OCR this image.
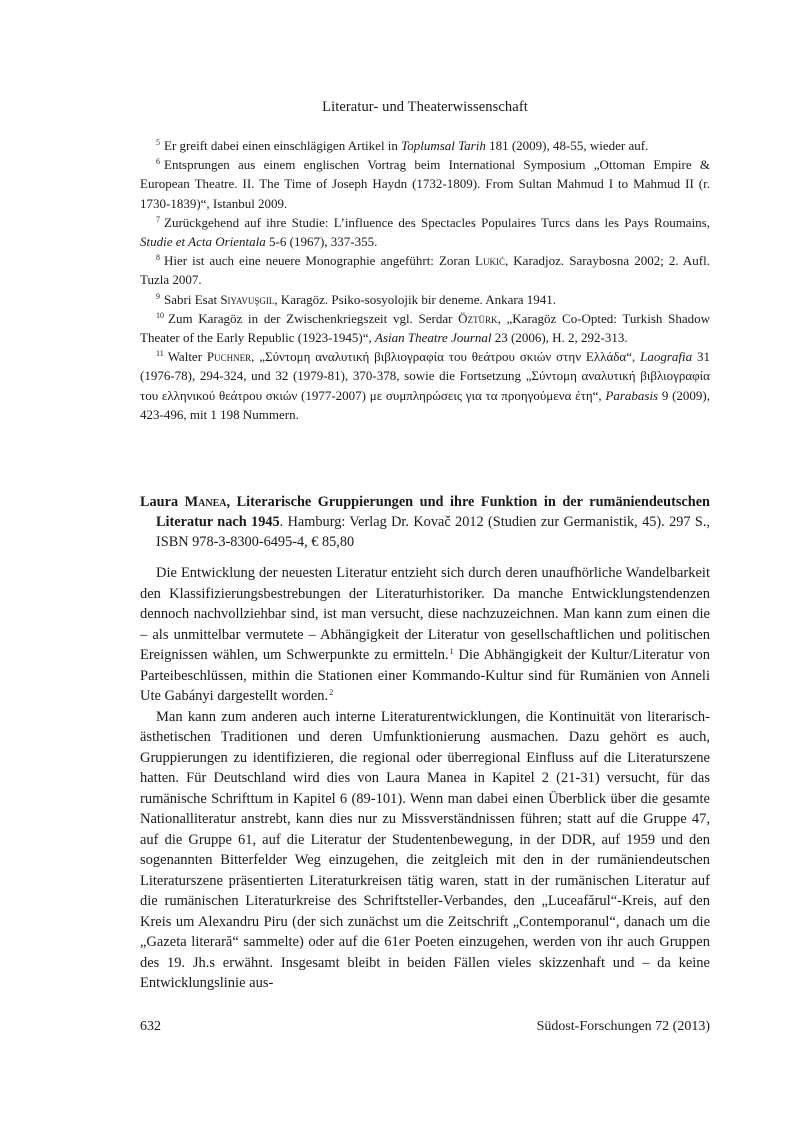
Literatur- und Theaterwissenschaft

$^5$ Er greift dabei einen einschlägigen Artikel in Toplumsal Tarih 181 (2009), 48-55, wieder auf.

$^6$ Entsprungen aus einem englischen Vortrag beim International Symposium „Ottoman Empire & European Theatre. II. The Time of Joseph Haydn (1732-1809). From Sultan Mahmud I to Mahmud II (r. 1730-1839)“, Istanbul 2009.

$^7$ Zurückgehend auf ihre Studie: L’influence des Spectacles Populaires Turcs dans les Pays Roumains, Studie et Acta Orientala 5-6 (1967), 337-355.

$^8$ Hier ist auch eine neuere Monographie angeführt: Zoran Lukić, Karadjoz. Saraybosna 2002; 2. Aufl. Tuzla 2007.

$^9$ Sabri Esat Siyavuşgil, Karagöz. Psiko-sosyolojik bir deneme. Ankara 1941.

$^{10}$ Zum Karagöz in der Zwischenkriegszeit vgl. Serdar Öztürk, „Karagöz Co-Opted: Turkish Shadow Theater of the Early Republic (1923-1945)“, Asian Theatre Journal 23 (2006), H. 2, 292-313.

$^{11}$ Walter Puchner, „Σύντομη αναλυτική βιβλιογραφία του θεάτρου σκιών στην Ελλάδα“, Laografia 31 (1976-78), 294-324, und 32 (1979-81), 370-378, sowie die Fortsetzung „Σύντομη αναλυτική βιβλιογραφία του ελληνικού θεάτρου σκιών (1977-2007) με συμπληρώσεις για τα προηγούμενα έτη“, Parabasis 9 (2009), 423-496, mit 1 198 Nummern.

Laura Manea, Literarische Gruppierungen und ihre Funktion in der rumäniendeutschen Literatur nach 1945. Hamburg: Verlag Dr. Kovač 2012 (Studien zur Germanistik, 45). 297 S., ISBN 978-3-8300-6495-4, € 85,80

Die Entwicklung der neuesten Literatur entzieht sich durch deren unaufhörliche Wandelbarkeit den Klassifizierungsbestrebungen der Literaturhistoriker. Da manche Entwicklungstendenzen dennoch nachvollziehbar sind, ist man versucht, diese nachzuzeichnen. Man kann zum einen die – als unmittelbar vermutete – Abhängigkeit der Literatur von gesellschaftlichen und politischen Ereignissen wählen, um Schwerpunkte zu ermitteln.$^1$ Die Abhängigkeit der Kultur/Literatur von Parteibeschlüssen, mithin die Stationen einer Kommando-Kultur sind für Rumänien von Anneli Ute Gabányi dargestellt worden.$^2$

Man kann zum anderen auch interne Literaturentwicklungen, die Kontinuität von literarisch-ästhetischen Traditionen und deren Umfunktionierung ausmachen. Dazu gehört es auch, Gruppierungen zu identifizieren, die regional oder überregional Einfluss auf die Literaturszene hatten. Für Deutschland wird dies von Laura Manea in Kapitel 2 (21-31) versucht, für das rumänische Schrifttum in Kapitel 6 (89-101). Wenn man dabei einen Überblick über die gesamte Nationalliteratur anstrebt, kann dies nur zu Missverständnissen führen; statt auf die Gruppe 47, auf die Gruppe 61, auf die Literatur der Studentenbewegung, in der DDR, auf 1959 und den sogenannten Bitterfelder Weg einzugehen, die zeitgleich mit den in der rumäniendeutschen Literaturszene präsentierten Literaturkreisen tätig waren, statt in der rumänischen Literatur auf die rumänischen Literaturkreise des Schriftsteller-Verbandes, den „Luceafărul“-Kreis, auf den Kreis um Alexandru Piru (der sich zunächst um die Zeitschrift „Contemporanul“, danach um die „Gazeta literară“ sammelte) oder auf die 61er Poeten einzugehen, werden von ihr auch Gruppen des 19. Jh.s erwähnt. Insgesamt bleibt in beiden Fällen vieles skizzenhaft und – da keine Entwicklungslinie aus-

632	Südost-Forschungen 72 (2013)
